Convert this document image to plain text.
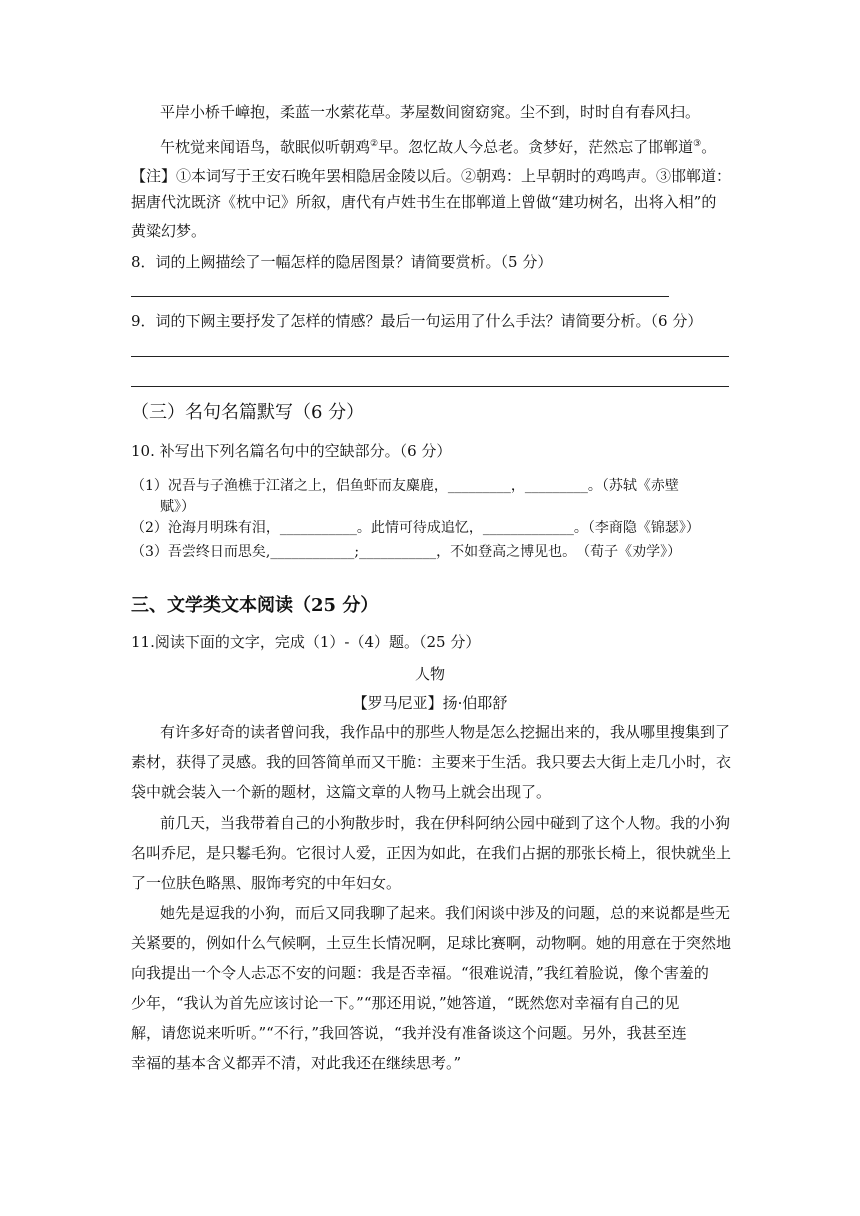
平岸小桥千嶂抱，柔蓝一水萦花草。茅屋数间窗窈窕。尘不到，时时自有春风扫。
午枕觉来闻语鸟，欹眠似听朝鸡②早。忽忆故人今总老。贪梦好，茫然忘了邯郸道③。
【注】①本词写于王安石晚年罢相隐居金陵以后。②朝鸡：上早朝时的鸡鸣声。③邯郸道：
据唐代沈既济《枕中记》所叙，唐代有卢姓书生在邯郸道上曾做“建功树名，出将入相”的
黄粱幻梦。
8．词的上阙描绘了一幅怎样的隐居图景？请简要赏析。（5 分）
9．词的下阙主要抒发了怎样的情感？最后一句运用了什么手法？请简要分析。（6 分）
（三）名句名篇默写（6 分）
10. 补写出下列名篇名句中的空缺部分。（6 分）
（1）况吾与子渔樵于江渚之上，侣鱼虾而友麋鹿，_________，_________。（苏轼《赤壁
赋》）
（2）沧海月明珠有泪，___________。此情可待成追忆，_____________。（李商隐《锦瑟》）
（3）吾尝终日而思矣,____________;___________，不如登高之博见也。　（荀子《劝学》）
三、文学类文本阅读（25 分）
11.阅读下面的文字，完成（1）-（4）题。（25 分）
人物
【罗马尼亚】扬·伯耶舒
有许多好奇的读者曾问我，我作品中的那些人物是怎么挖掘出来的，我从哪里搜集到了
素材，获得了灵感。我的回答简单而又干脆：主要来于生活。我只要去大街上走几小时，衣
袋中就会装入一个新的题材，这篇文章的人物马上就会出现了。
前几天，当我带着自己的小狗散步时，我在伊科阿纳公园中碰到了这个人物。我的小狗
名叫乔尼，是只鬈毛狗。它很讨人爱，正因为如此，在我们占据的那张长椅上，很快就坐上
了一位肤色略黑、服饰考究的中年妇女。
她先是逗我的小狗，而后又同我聊了起来。我们闲谈中涉及的问题，总的来说都是些无
关紧要的，例如什么气候啊，土豆生长情况啊，足球比赛啊，动物啊。她的用意在于突然地
向我提出一个令人忐忑不安的问题：我是否幸福。“很难说清，”我红着脸说，像个害羞的
少年，“我认为首先应该讨论一下。”“那还用说，”她答道，“既然您对幸福有自己的见
解，请您说来听听。”“不行，”我回答说，“我并没有准备谈这个问题。另外，我甚至连
幸福的基本含义都弄不清，对此我还在继续思考。”
